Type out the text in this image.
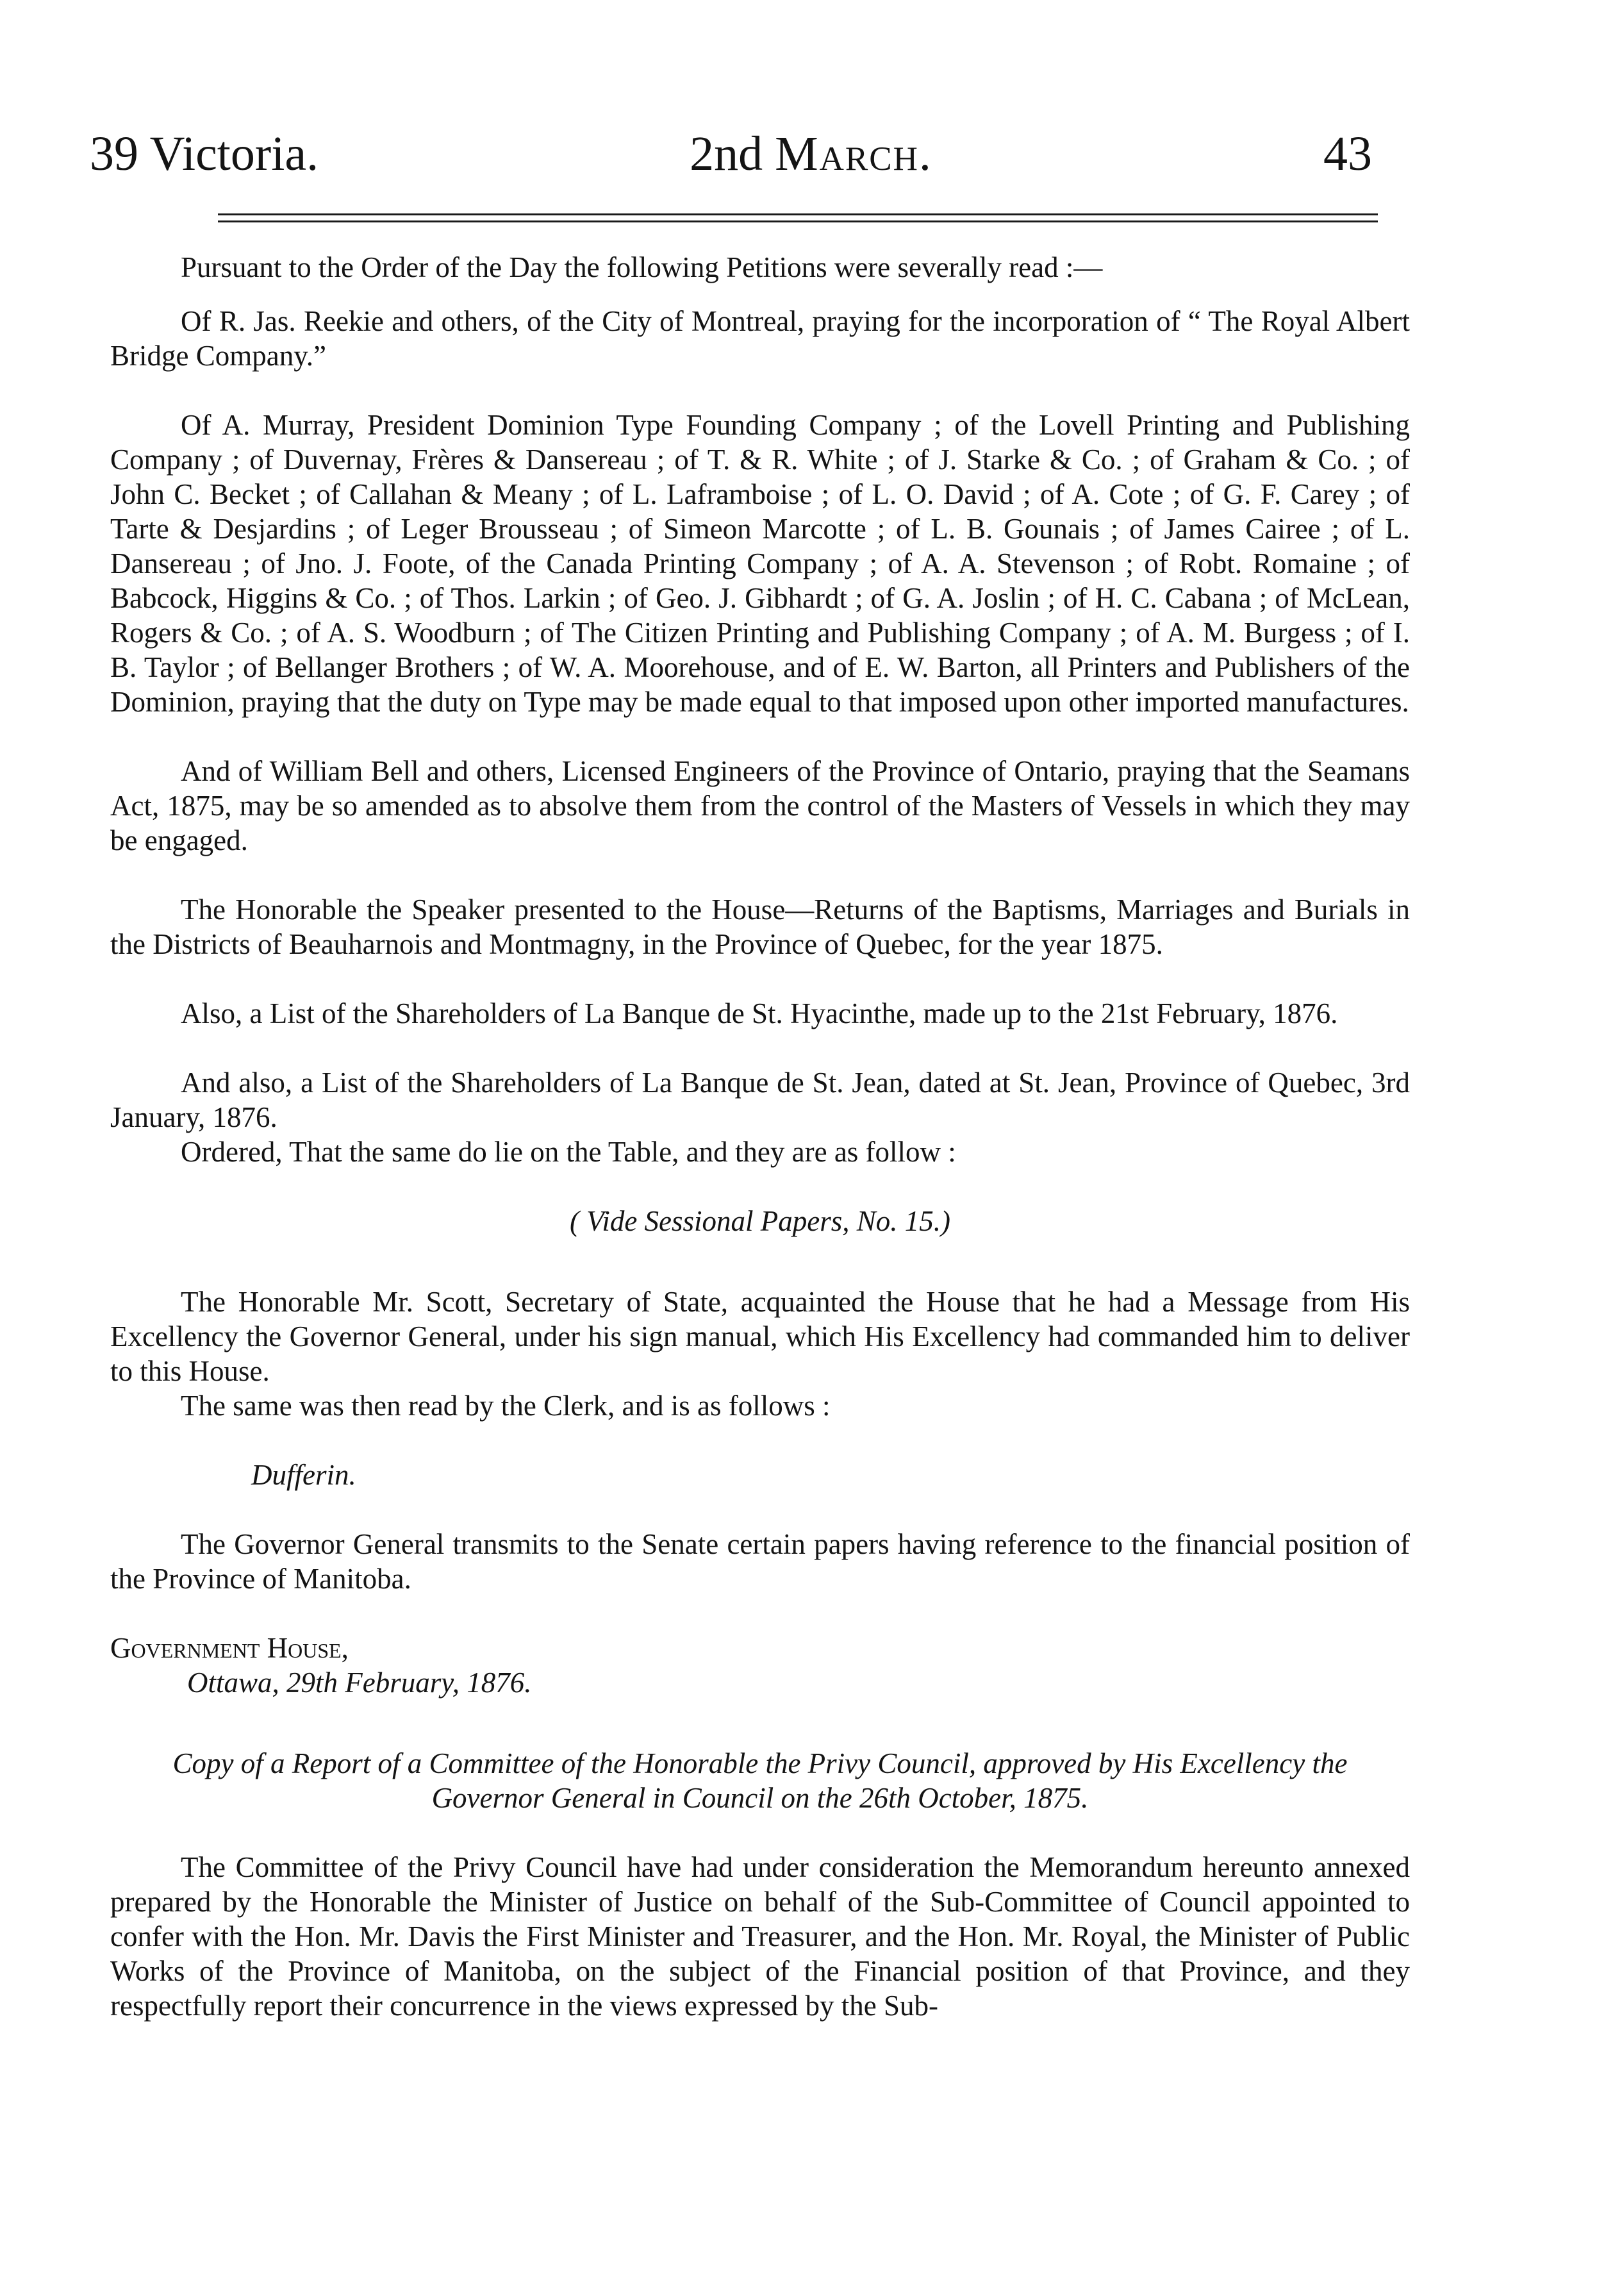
39 Victoria.	2nd March.	43

Pursuant to the Order of the Day the following Petitions were severally read :—

Of R. Jas. Reekie and others, of the City of Montreal, praying for the incorporation of “ The Royal Albert Bridge Company.”

Of A. Murray, President Dominion Type Founding Company ; of the Lovell Printing and Publishing Company ; of Duvernay, Frères & Dansereau ; of T. & R. White ; of J. Starke & Co. ; of Graham & Co. ; of John C. Becket ; of Callahan & Meany ; of L. Laframboise ; of L. O. David ; of A. Cote ; of G. F. Carey ; of Tarte & Desjardins ; of Leger Brousseau ; of Simeon Marcotte ; of L. B. Gounais ; of James Cairee ; of L. Dansereau ; of Jno. J. Foote, of the Canada Printing Company ; of A. A. Stevenson ; of Robt. Romaine ; of Babcock, Higgins & Co. ; of Thos. Larkin ; of Geo. J. Gibhardt ; of G. A. Joslin ; of H. C. Cabana ; of McLean, Rogers & Co. ; of A. S. Woodburn ; of The Citizen Printing and Publishing Company ; of A. M. Burgess ; of I. B. Taylor ; of Bellanger Brothers ; of W. A. Moorehouse, and of E. W. Barton, all Printers and Publishers of the Dominion, praying that the duty on Type may be made equal to that imposed upon other imported manufactures.

And of William Bell and others, Licensed Engineers of the Province of Ontario, praying that the Seamans Act, 1875, may be so amended as to absolve them from the control of the Masters of Vessels in which they may be engaged.

The Honorable the Speaker presented to the House—Returns of the Baptisms, Marriages and Burials in the Districts of Beauharnois and Montmagny, in the Province of Quebec, for the year 1875.

Also, a List of the Shareholders of La Banque de St. Hyacinthe, made up to the 21st February, 1876.

And also, a List of the Shareholders of La Banque de St. Jean, dated at St. Jean, Province of Quebec, 3rd January, 1876.

Ordered, That the same do lie on the Table, and they are as follow :

( Vide Sessional Papers, No. 15.)

The Honorable Mr. Scott, Secretary of State, acquainted the House that he had a Message from His Excellency the Governor General, under his sign manual, which His Excellency had commanded him to deliver to this House.

The same was then read by the Clerk, and is as follows :

Dufferin.

The Governor General transmits to the Senate certain papers having reference to the financial position of the Province of Manitoba.

Government House,

Ottawa, 29th February, 1876.

Copy of a Report of a Committee of the Honorable the Privy Council, approved by His Excellency the Governor General in Council on the 26th October, 1875.

The Committee of the Privy Council have had under consideration the Memorandum hereunto annexed prepared by the Honorable the Minister of Justice on behalf of the Sub-Committee of Council appointed to confer with the Hon. Mr. Davis the First Minister and Treasurer, and the Hon. Mr. Royal, the Minister of Public Works of the Province of Manitoba, on the subject of the Financial position of that Province, and they respectfully report their concurrence in the views expressed by the Sub-
